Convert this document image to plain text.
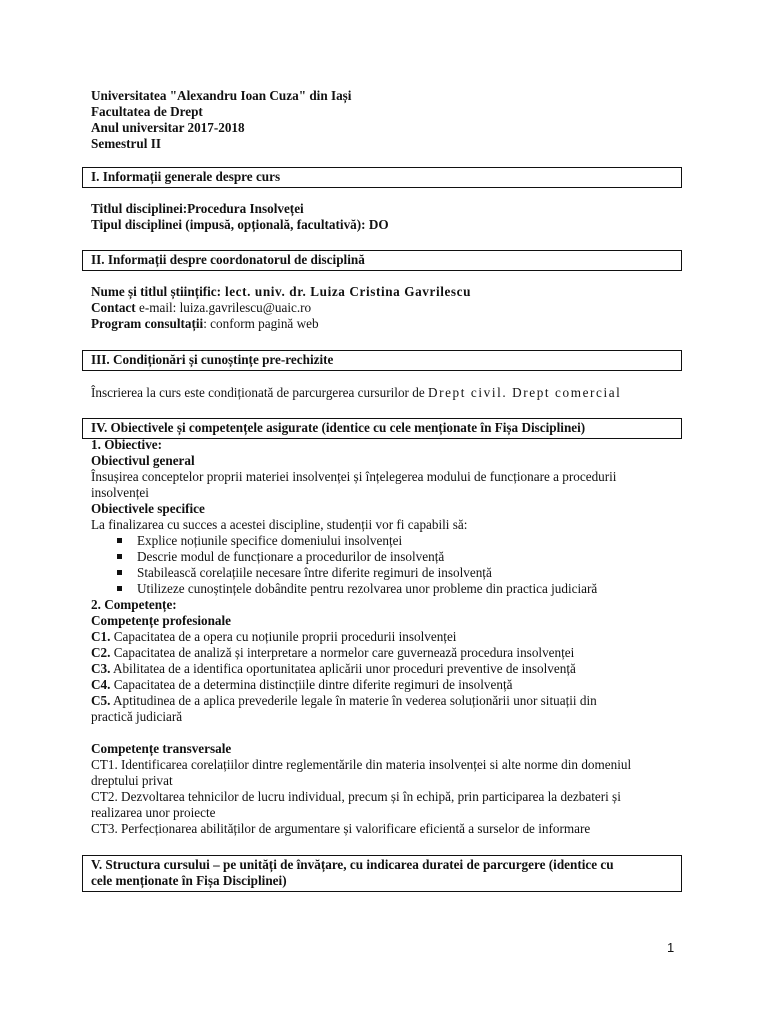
Universitatea "Alexandru Ioan Cuza" din Iași
Facultatea de Drept
Anul universitar 2017-2018
Semestrul II
I. Informații generale despre curs
Titlul disciplinei:Procedura Insolveței
Tipul disciplinei (impusă, opțională, facultativă): DO
II. Informații despre coordonatorul de disciplină
Nume și titlul științific: lect. univ. dr. Luiza Cristina Gavrilescu
Contact e-mail: luiza.gavrilescu@uaic.ro
Program consultații: conform pagină web
III. Condiționări și cunoștințe pre-rechizite
Înscrierea la curs este condiționată de parcurgerea cursurilor de Drept civil. Drept comercial
IV. Obiectivele și competențele asigurate (identice cu cele menționate în Fișa Disciplinei)
1. Obiective:
Obiectivul general
Însușirea conceptelor proprii materiei insolvenței și înțelegerea modului de funcționare a procedurii
insolvenței
Obiectivele specifice
La finalizarea cu succes a acestei discipline, studenții vor fi capabili să:
Explice noțiunile specifice domeniului insolvenței
Descrie modul de funcționare a procedurilor de insolvență
Stabilească corelațiile necesare între diferite regimuri de insolvență
Utilizeze cunoștințele dobândite pentru rezolvarea unor probleme din practica judiciară
2. Competențe:
Competențe profesionale
C1. Capacitatea de a opera cu noțiunile proprii procedurii insolvenței
C2. Capacitatea de analiză și interpretare a normelor care guvernează procedura insolvenței
C3. Abilitatea de a identifica oportunitatea aplicării unor proceduri preventive de insolvență
C4. Capacitatea de a determina distincțiile dintre diferite regimuri de insolvență
C5. Aptitudinea de a aplica prevederile legale în materie în vederea soluționării unor situații din
practică judiciară
Competențe transversale
CT1. Identificarea corelațiilor dintre reglementările din materia insolvenței si alte norme din domeniul
dreptului privat
CT2. Dezvoltarea tehnicilor de lucru individual, precum și în echipă, prin participarea la dezbateri și
realizarea unor proiecte
CT3. Perfecționarea abilităților de argumentare și valorificare eficientă a surselor de informare
V. Structura cursului – pe unități de învățare, cu indicarea duratei de parcurgere (identice cu
cele menționate în Fișa Disciplinei)
1
